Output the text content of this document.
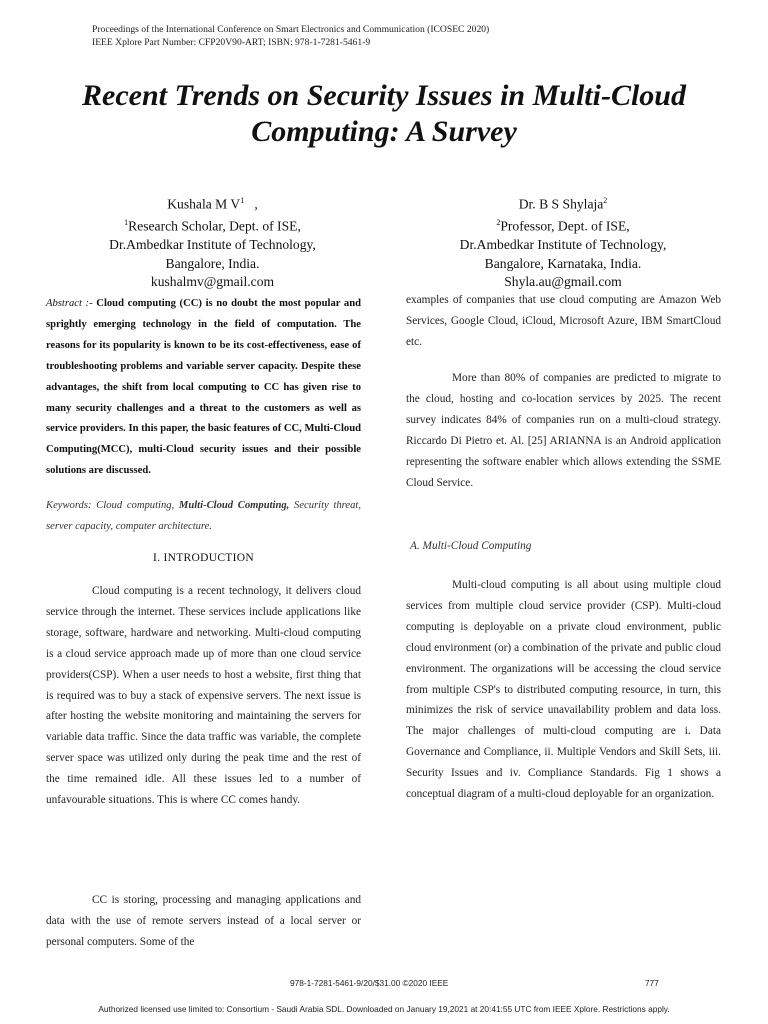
Proceedings of the International Conference on Smart Electronics and Communication (ICOSEC 2020)
IEEE Xplore Part Number: CFP20V90-ART; ISBN: 978-1-7281-5461-9
Recent Trends on Security Issues in Multi-Cloud
Computing: A Survey
Kushala M $V^1$   ,
$^1$Research Scholar, Dept. of ISE,
Dr.Ambedkar Institute of Technology,
Bangalore, India.
kushalmv@gmail.com
Dr. B S Shylaja$^2$
$^2$Professor, Dept. of ISE,
Dr.Ambedkar Institute of Technology,
Bangalore, Karnataka, India.
Shyla.au@gmail.com
Abstract :- Cloud computing (CC) is no doubt the most popular and sprightly emerging technology in the field of computation. The reasons for its popularity is known to be its cost-effectiveness, ease of troubleshooting problems and variable server capacity. Despite these advantages, the shift from local computing to CC has given rise to many security challenges and a threat to the customers as well as service providers. In this paper, the basic features of CC, Multi-Cloud Computing(MCC), multi-Cloud security issues and their possible solutions are discussed.
Keywords: Cloud computing, Multi-Cloud Computing, Security threat, server capacity, computer architecture.
I. INTRODUCTION
Cloud computing is a recent technology, it delivers cloud service through the internet. These services include applications like storage, software, hardware and networking. Multi-cloud computing is a cloud service approach made up of more than one cloud service providers(CSP). When a user needs to host a website, first thing that is required was to buy a stack of expensive servers. The next issue is after hosting the website monitoring and maintaining the servers for variable data traffic. Since the data traffic was variable, the complete server space was utilized only during the peak time and the rest of the time remained idle. All these issues led to a number of unfavourable situations. This is where CC comes handy.
CC is storing, processing and managing applications and data with the use of remote servers instead of a local server or personal computers. Some of the
examples of companies that use cloud computing are Amazon Web Services, Google Cloud, iCloud, Microsoft Azure, IBM SmartCloud etc.
More than 80% of companies are predicted to migrate to the cloud, hosting and co-location services by 2025. The recent survey indicates 84% of companies run on a multi-cloud strategy. Riccardo Di Pietro et. Al. [25] ARIANNA is an Android application representing the software enabler which allows extending the SSME Cloud Service.
A. Multi-Cloud Computing
Multi-cloud computing is all about using multiple cloud services from multiple cloud service provider (CSP). Multi-cloud computing is deployable on a private cloud environment, public cloud environment (or) a combination of the private and public cloud environment. The organizations will be accessing the cloud service from multiple CSP's to distributed computing resource, in turn, this minimizes the risk of service unavailability problem and data loss. The major challenges of multi-cloud computing are i. Data Governance and Compliance, ii. Multiple Vendors and Skill Sets, iii. Security Issues and iv. Compliance Standards. Fig 1 shows a conceptual diagram of a multi-cloud deployable for an organization.
978-1-7281-5461-9/20/$31.00 ©2020 IEEE	777
Authorized licensed use limited to: Consortium - Saudi Arabia SDL. Downloaded on January 19,2021 at 20:41:55 UTC from IEEE Xplore. Restrictions apply.
